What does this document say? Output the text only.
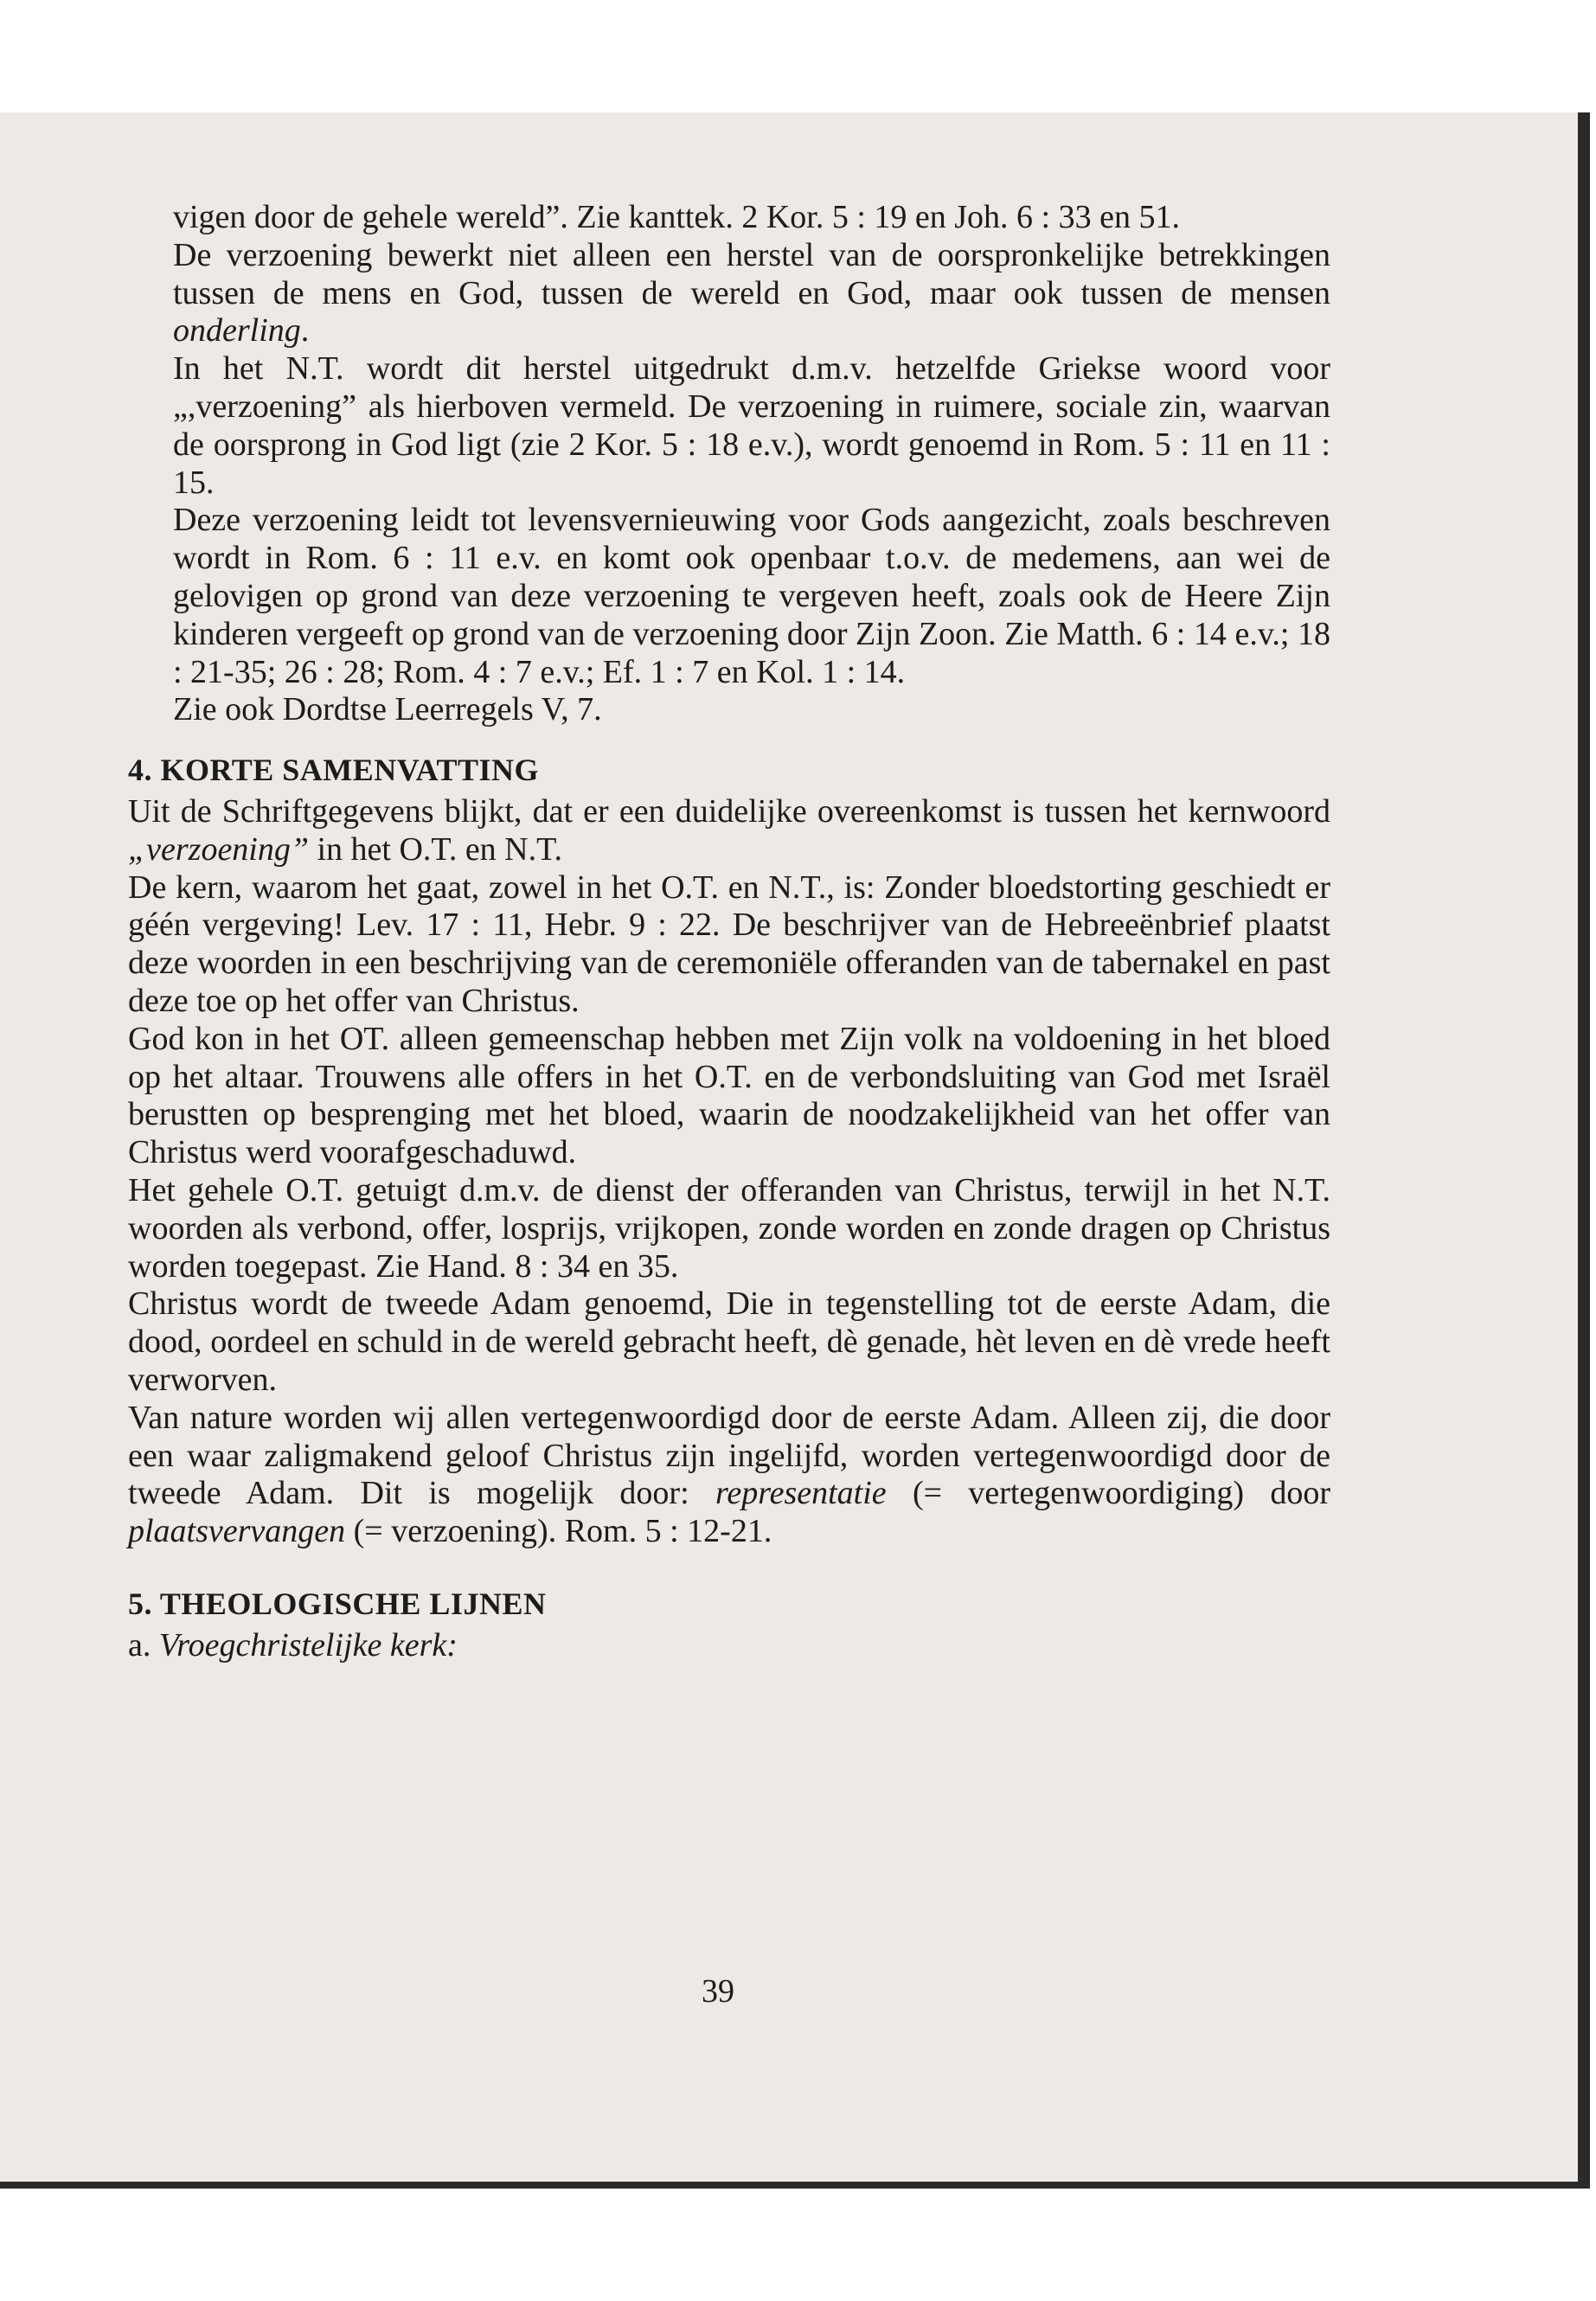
vigen door de gehele wereld”. Zie kanttek. 2 Kor. 5 : 19 en Joh. 6 : 33 en 51.

De verzoening bewerkt niet alleen een herstel van de oorspronkelijke betrekkingen tussen de mens en God, tussen de wereld en God, maar ook tussen de mensen onderling.

In het N.T. wordt dit herstel uitgedrukt d.m.v. hetzelfde Griekse woord voor „,verzoening” als hierboven vermeld. De verzoening in ruimere, sociale zin, waarvan de oorsprong in God ligt (zie 2 Kor. 5 : 18 e.v.), wordt genoemd in Rom. 5 : 11 en 11 : 15.

Deze verzoening leidt tot levensvernieuwing voor Gods aangezicht, zoals beschreven wordt in Rom. 6 : 11 e.v. en komt ook openbaar t.o.v. de medemens, aan wei de gelovigen op grond van deze verzoening te vergeven heeft, zoals ook de Heere Zijn kinderen vergeeft op grond van de verzoening door Zijn Zoon. Zie Matth. 6 : 14 e.v.; 18 : 21-35; 26 : 28; Rom. 4 : 7 e.v.; Ef. 1 : 7 en Kol. 1 : 14.

Zie ook Dordtse Leerregels V, 7.

4. KORTE SAMENVATTING

Uit de Schriftgegevens blijkt, dat er een duidelijke overeenkomst is tussen het kernwoord „verzoening” in het O.T. en N.T.

De kern, waarom het gaat, zowel in het O.T. en N.T., is: Zonder bloedstorting geschiedt er géén vergeving! Lev. 17 : 11, Hebr. 9 : 22. De beschrijver van de Hebreeënbrief plaatst deze woorden in een beschrijving van de ceremoniële offeranden van de tabernakel en past deze toe op het offer van Christus.

God kon in het OT. alleen gemeenschap hebben met Zijn volk na voldoening in het bloed op het altaar. Trouwens alle offers in het O.T. en de verbondsluiting van God met Israël berustten op besprenging met het bloed, waarin de noodzakelijkheid van het offer van Christus werd voorafgeschaduwd.

Het gehele O.T. getuigt d.m.v. de dienst der offeranden van Christus, terwijl in het N.T. woorden als verbond, offer, losprijs, vrijkopen, zonde worden en zonde dragen op Christus worden toegepast. Zie Hand. 8 : 34 en 35.

Christus wordt de tweede Adam genoemd, Die in tegenstelling tot de eerste Adam, die dood, oordeel en schuld in de wereld gebracht heeft, dè genade, hèt leven en dè vrede heeft verworven.

Van nature worden wij allen vertegenwoordigd door de eerste Adam. Alleen zij, die door een waar zaligmakend geloof Christus zijn ingelijfd, worden vertegenwoordigd door de tweede Adam. Dit is mogelijk door: representatie (= vertegenwoordiging) door plaatsvervangen (= verzoening). Rom. 5 : 12-21.

5. THEOLOGISCHE LIJNEN

a. Vroegchristelijke kerk:

39
